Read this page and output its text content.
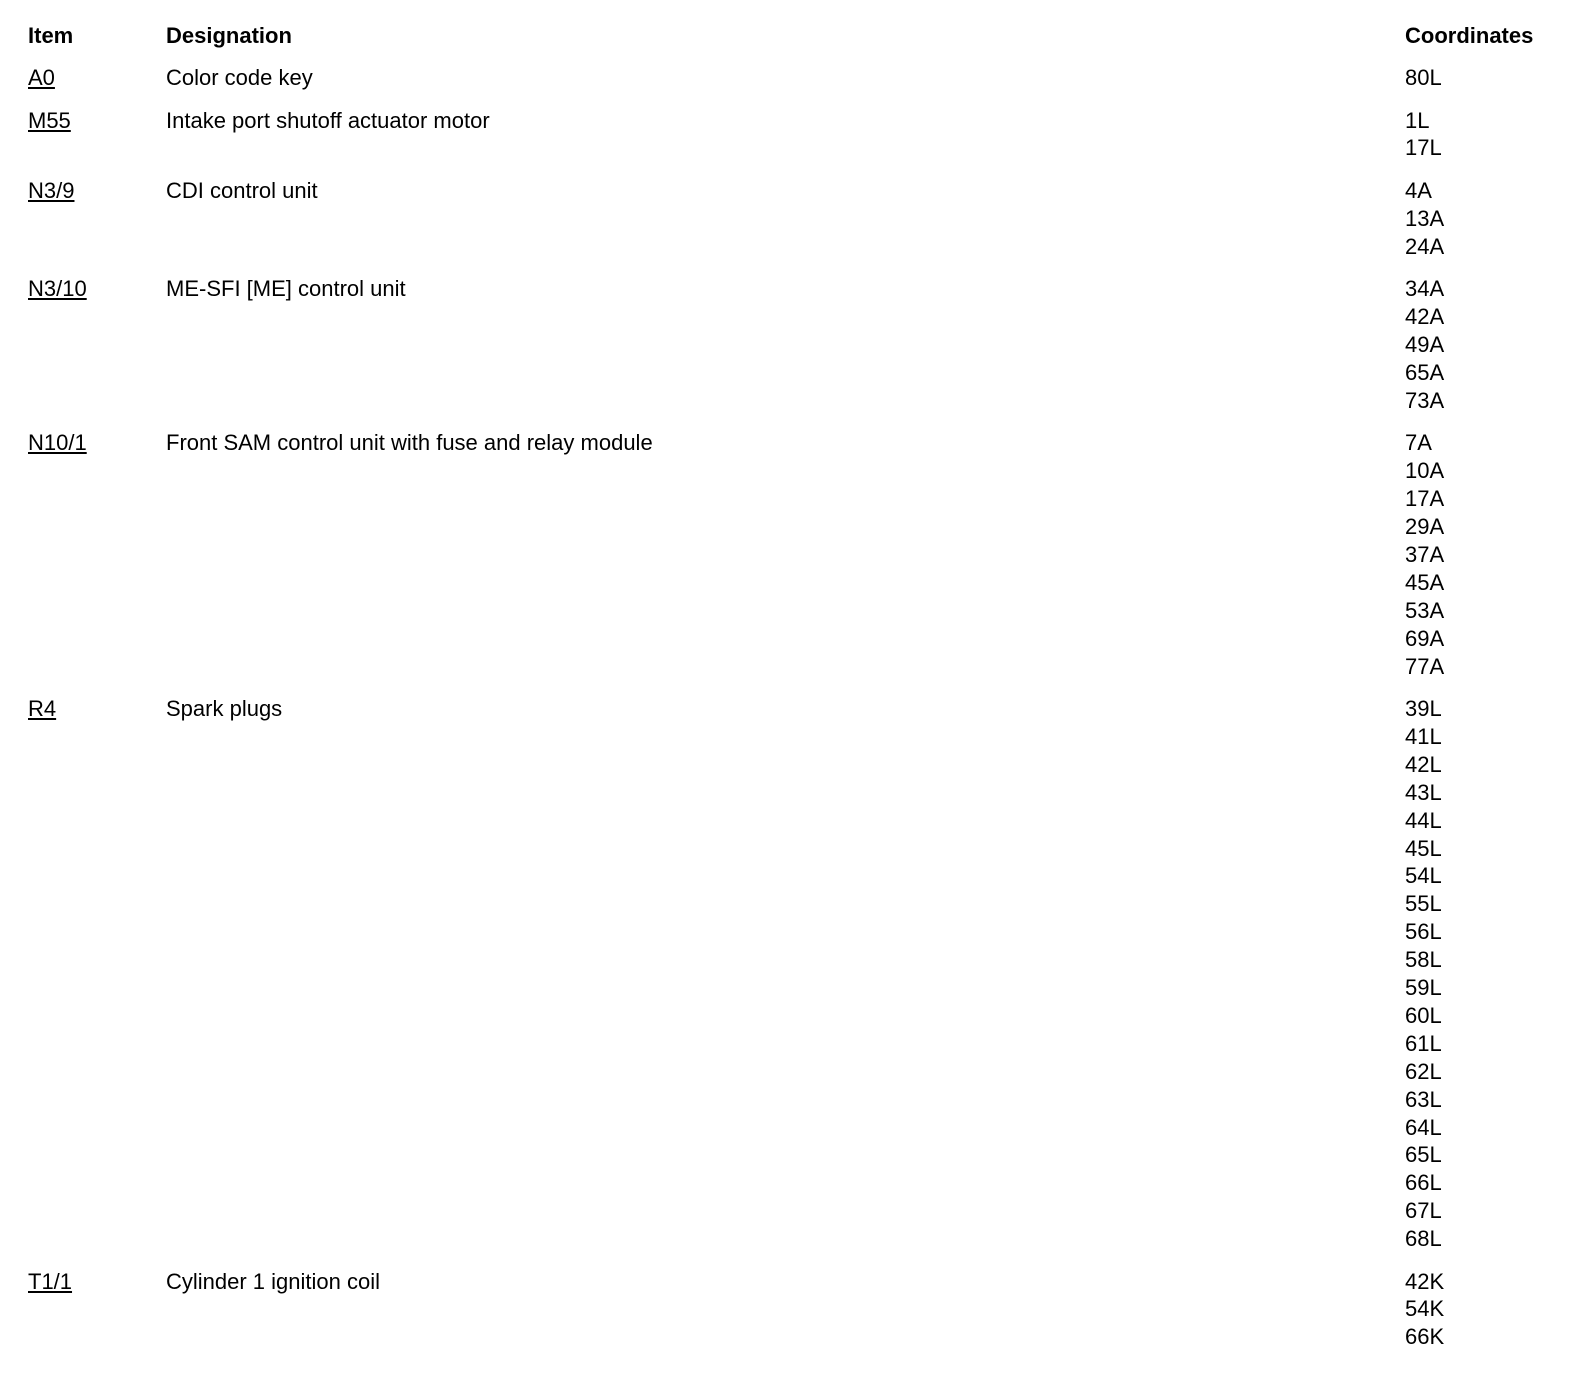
Item	Designation	Coordinates
A0	Color code key	80L
M55	Intake port shutoff actuator motor	1L
17L
N3/9	CDI control unit	4A
13A
24A
N3/10	ME-SFI [ME] control unit	34A
42A
49A
65A
73A
N10/1	Front SAM control unit with fuse and relay module	7A
10A
17A
29A
37A
45A
53A
69A
77A
R4	Spark plugs	39L
41L
42L
43L
44L
45L
54L
55L
56L
58L
59L
60L
61L
62L
63L
64L
65L
66L
67L
68L
T1/1	Cylinder 1 ignition coil	42K
54K
66K
